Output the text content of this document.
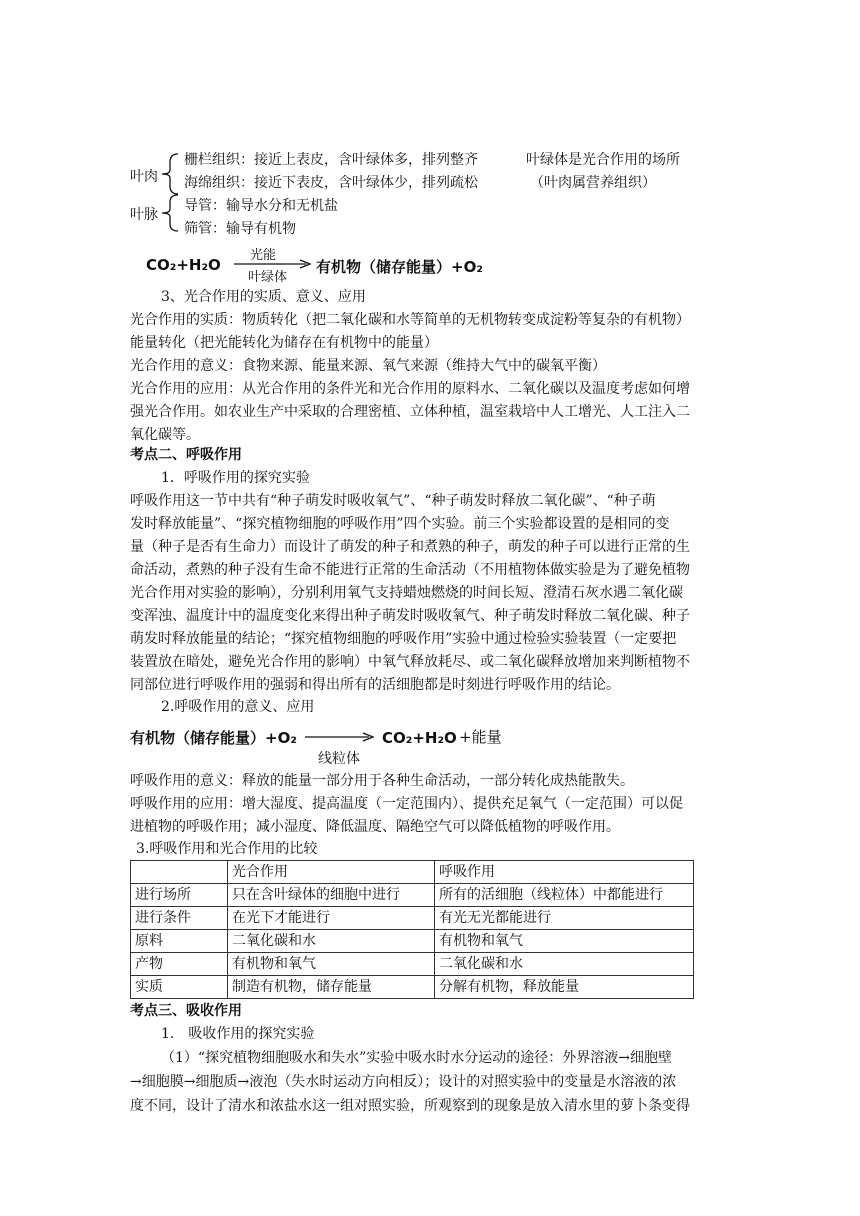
叶肉
栅栏组织：接近上表皮，含叶绿体多，排列整齐	叶绿体是光合作用的场所
海绵组织：接近下表皮，含叶绿体少，排列疏松	（叶肉属营养组织）
叶脉
导管：输导水分和无机盐
筛管：输导有机物
CO₂+H₂O
光能
叶绿体
有机物（储存能量）+O₂
3、光合作用的实质、意义、应用
光合作用的实质：物质转化（把二氧化碳和水等简单的无机物转变成淀粉等复杂的有机物）
能量转化（把光能转化为储存在有机物中的能量）
光合作用的意义：食物来源、能量来源、氧气来源（维持大气中的碳氧平衡）
光合作用的应用：从光合作用的条件光和光合作用的原料水、二氧化碳以及温度考虑如何增
强光合作用。如农业生产中采取的合理密植、立体种植，温室栽培中人工增光、人工注入二
氧化碳等。
考点二、呼吸作用
1．呼吸作用的探究实验
呼吸作用这一节中共有“种子萌发时吸收氧气”、“种子萌发时释放二氧化碳”、“种子萌
发时释放能量”、“探究植物细胞的呼吸作用”四个实验。前三个实验都设置的是相同的变
量（种子是否有生命力）而设计了萌发的种子和煮熟的种子，萌发的种子可以进行正常的生
命活动，煮熟的种子没有生命不能进行正常的生命活动（不用植物体做实验是为了避免植物
光合作用对实验的影响），分别利用氧气支持蜡烛燃烧的时间长短、澄清石灰水遇二氧化碳
变浑浊、温度计中的温度变化来得出种子萌发时吸收氧气、种子萌发时释放二氧化碳、种子
萌发时释放能量的结论；“探究植物细胞的呼吸作用”实验中通过检验实验装置（一定要把
装置放在暗处，避免光合作用的影响）中氧气释放耗尽、或二氧化碳释放增加来判断植物不
同部位进行呼吸作用的强弱和得出所有的活细胞都是时刻进行呼吸作用的结论。
2.呼吸作用的意义、应用
有机物（储存能量）+O₂	CO₂+H₂O +能量
线粒体
呼吸作用的意义：释放的能量一部分用于各种生命活动，一部分转化成热能散失。
呼吸作用的应用：增大湿度、提高温度（一定范围内）、提供充足氧气（一定范围）可以促
进植物的呼吸作用；减小湿度、降低温度、隔绝空气可以降低植物的呼吸作用。
3.呼吸作用和光合作用的比较
	光合作用	呼吸作用
进行场所	只在含叶绿体的细胞中进行	所有的活细胞（线粒体）中都能进行
进行条件	在光下才能进行	有光无光都能进行
原料	二氧化碳和水	有机物和氧气
产物	有机物和氧气	二氧化碳和水
实质	制造有机物，储存能量	分解有机物，释放能量
考点三、吸收作用
1.　吸收作用的探究实验
（1）“探究植物细胞吸水和失水”实验中吸水时水分运动的途径：外界溶液→细胞壁
→细胞膜→细胞质→液泡（失水时运动方向相反）；设计的对照实验中的变量是水溶液的浓
度不同，设计了清水和浓盐水这一组对照实验，所观察到的现象是放入清水里的萝卜条变得
